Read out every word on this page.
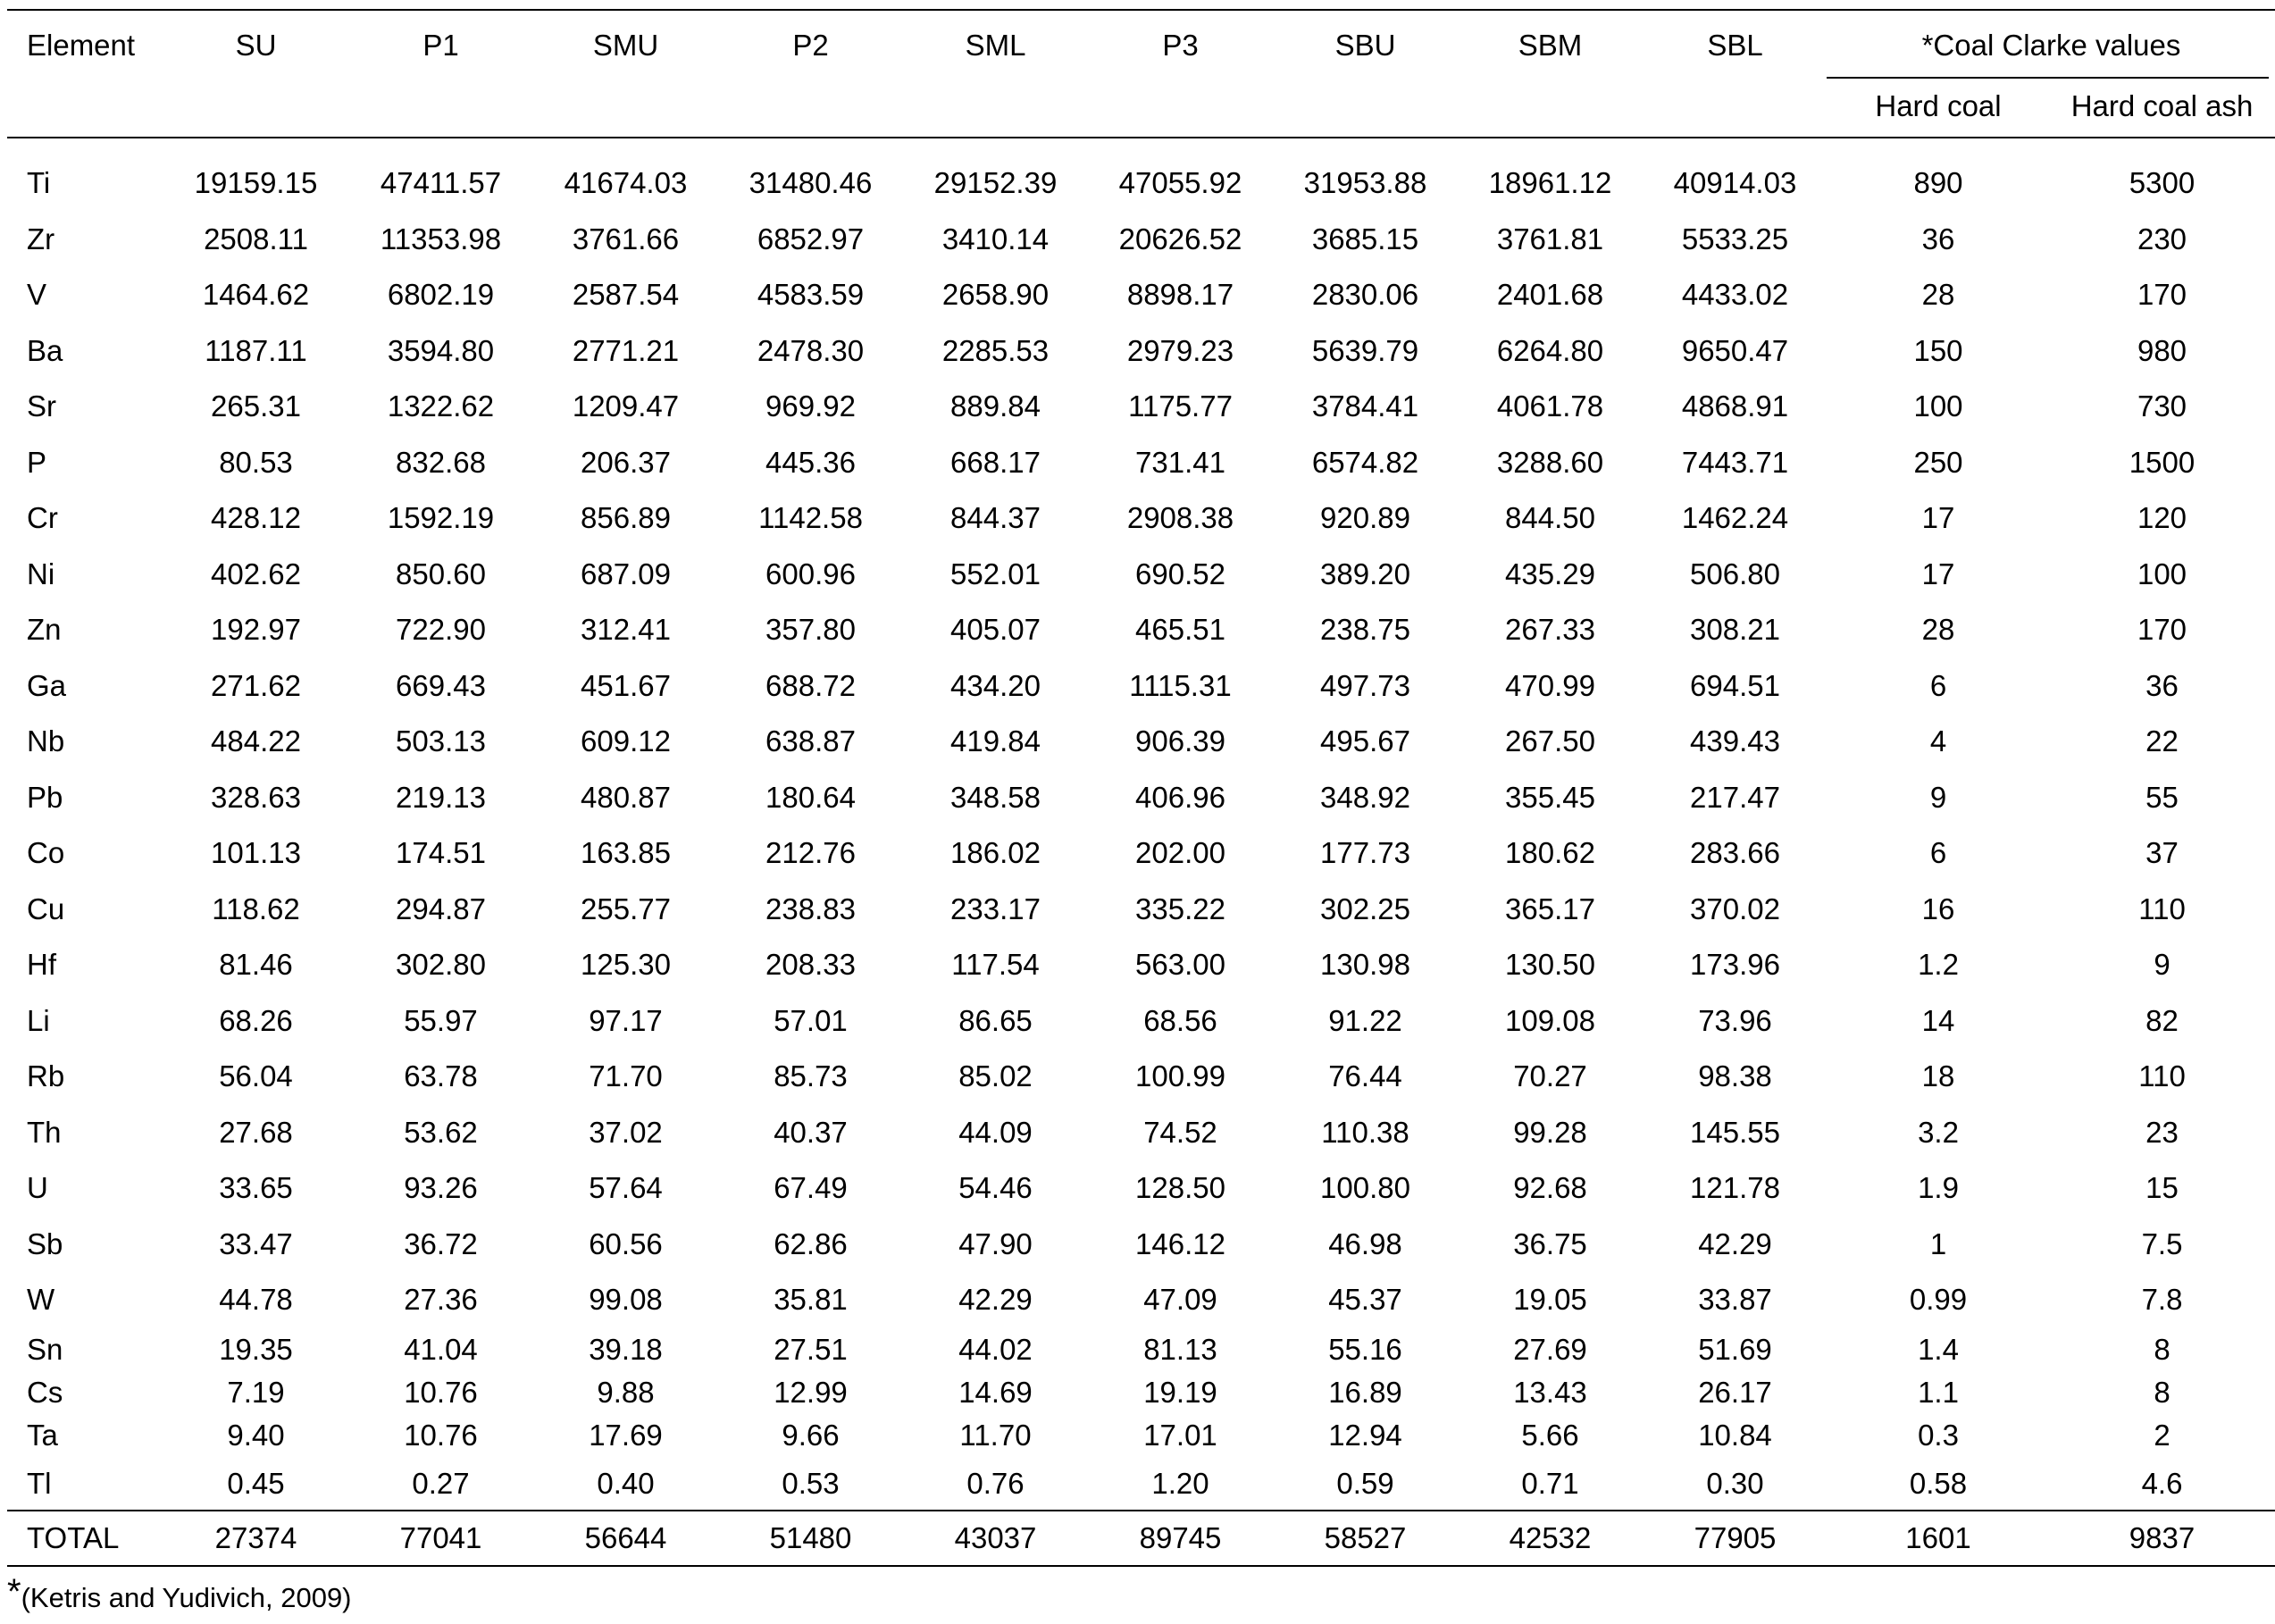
Element	SU	P1	SMU	P2	SML	P3	SBU	SBM	SBL	*Coal Clarke values	
										Hard coal	Hard coal ash

Ti	19159.15	47411.57	41674.03	31480.46	29152.39	47055.92	31953.88	18961.12	40914.03	890	5300
Zr	2508.11	11353.98	3761.66	6852.97	3410.14	20626.52	3685.15	3761.81	5533.25	36	230
V	1464.62	6802.19	2587.54	4583.59	2658.90	8898.17	2830.06	2401.68	4433.02	28	170
Ba	1187.11	3594.80	2771.21	2478.30	2285.53	2979.23	5639.79	6264.80	9650.47	150	980
Sr	265.31	1322.62	1209.47	969.92	889.84	1175.77	3784.41	4061.78	4868.91	100	730
P	80.53	832.68	206.37	445.36	668.17	731.41	6574.82	3288.60	7443.71	250	1500
Cr	428.12	1592.19	856.89	1142.58	844.37	2908.38	920.89	844.50	1462.24	17	120
Ni	402.62	850.60	687.09	600.96	552.01	690.52	389.20	435.29	506.80	17	100
Zn	192.97	722.90	312.41	357.80	405.07	465.51	238.75	267.33	308.21	28	170
Ga	271.62	669.43	451.67	688.72	434.20	1115.31	497.73	470.99	694.51	6	36
Nb	484.22	503.13	609.12	638.87	419.84	906.39	495.67	267.50	439.43	4	22
Pb	328.63	219.13	480.87	180.64	348.58	406.96	348.92	355.45	217.47	9	55
Co	101.13	174.51	163.85	212.76	186.02	202.00	177.73	180.62	283.66	6	37
Cu	118.62	294.87	255.77	238.83	233.17	335.22	302.25	365.17	370.02	16	110
Hf	81.46	302.80	125.30	208.33	117.54	563.00	130.98	130.50	173.96	1.2	9
Li	68.26	55.97	97.17	57.01	86.65	68.56	91.22	109.08	73.96	14	82
Rb	56.04	63.78	71.70	85.73	85.02	100.99	76.44	70.27	98.38	18	110
Th	27.68	53.62	37.02	40.37	44.09	74.52	110.38	99.28	145.55	3.2	23
U	33.65	93.26	57.64	67.49	54.46	128.50	100.80	92.68	121.78	1.9	15
Sb	33.47	36.72	60.56	62.86	47.90	146.12	46.98	36.75	42.29	1	7.5
W	44.78	27.36	99.08	35.81	42.29	47.09	45.37	19.05	33.87	0.99	7.8
Sn	19.35	41.04	39.18	27.51	44.02	81.13	55.16	27.69	51.69	1.4	8
Cs	7.19	10.76	9.88	12.99	14.69	19.19	16.89	13.43	26.17	1.1	8
Ta	9.40	10.76	17.69	9.66	11.70	17.01	12.94	5.66	10.84	0.3	2
Tl	0.45	0.27	0.40	0.53	0.76	1.20	0.59	0.71	0.30	0.58	4.6
TOTAL	27374	77041	56644	51480	43037	89745	58527	42532	77905	1601	9837
*(Ketris and Yudivich, 2009)
